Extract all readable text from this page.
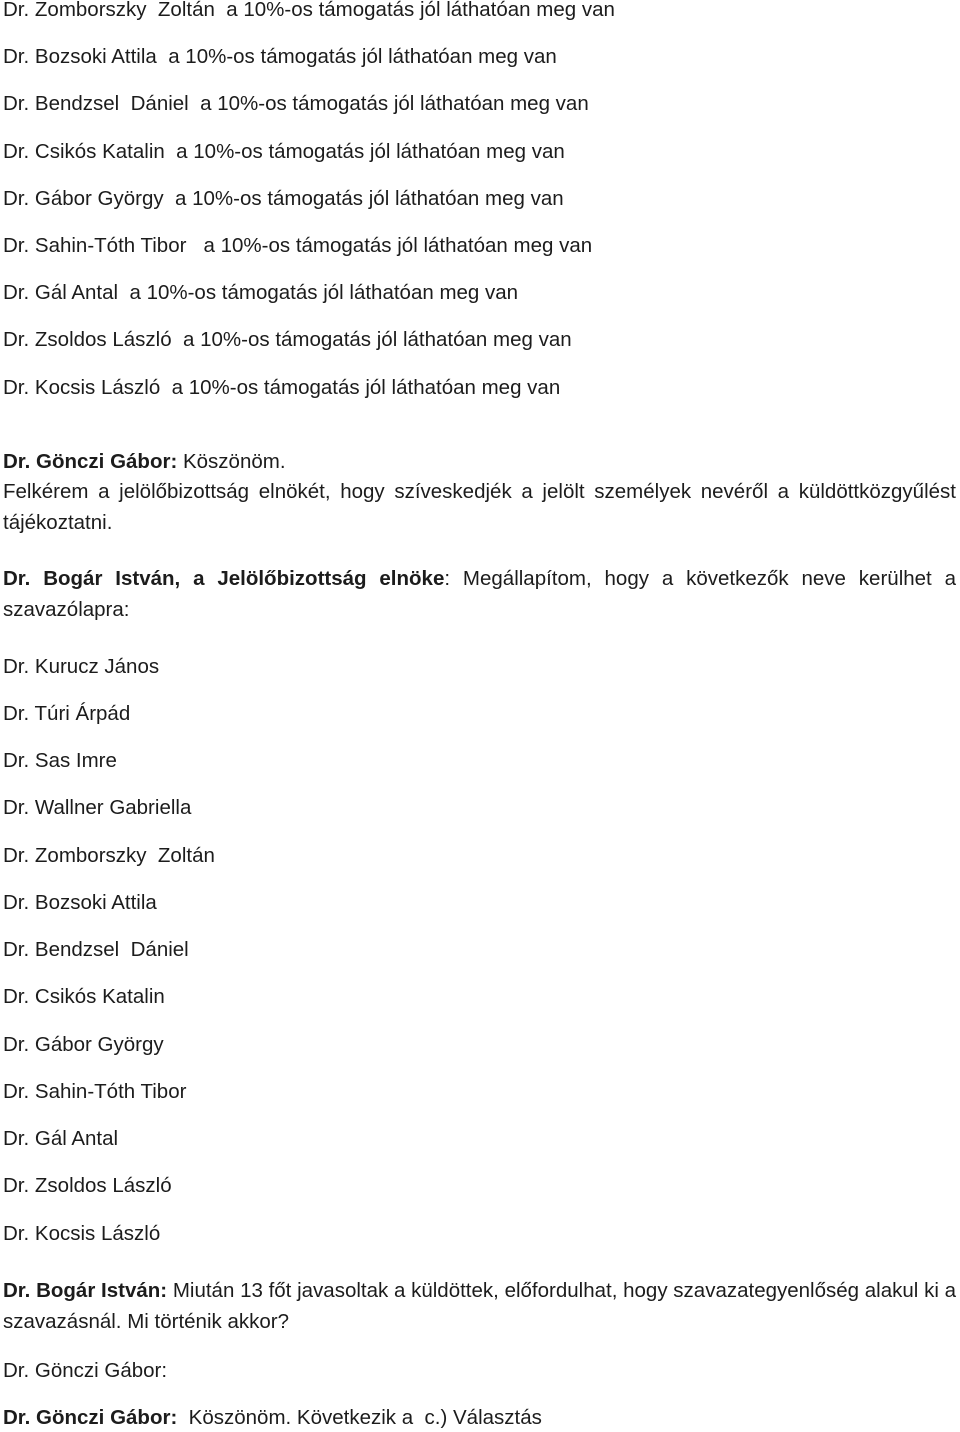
Dr. Zomborszky  Zoltán  a 10%-os támogatás jól láthatóan meg van

Dr. Bozsoki Attila  a 10%-os támogatás jól láthatóan meg van

Dr. Bendzsel  Dániel  a 10%-os támogatás jól láthatóan meg van

Dr. Csikós Katalin  a 10%-os támogatás jól láthatóan meg van

Dr. Gábor György  a 10%-os támogatás jól láthatóan meg van

Dr. Sahin-Tóth Tibor   a 10%-os támogatás jól láthatóan meg van

Dr. Gál Antal  a 10%-os támogatás jól láthatóan meg van

Dr. Zsoldos László  a 10%-os támogatás jól láthatóan meg van

Dr. Kocsis László  a 10%-os támogatás jól láthatóan meg van

Dr. Gönczi Gábor: Köszönöm.

Felkérem a jelölőbizottság elnökét, hogy szíveskedjék a jelölt személyek nevéről a küldöttközgyűlést tájékoztatni.

Dr. Bogár István, a Jelölőbizottság elnöke: Megállapítom, hogy a következők neve kerülhet a szavazólapra:

Dr. Kurucz János

Dr. Túri Árpád

Dr. Sas Imre

Dr. Wallner Gabriella

Dr. Zomborszky  Zoltán

Dr. Bozsoki Attila

Dr. Bendzsel  Dániel

Dr. Csikós Katalin

Dr. Gábor György

Dr. Sahin-Tóth Tibor

Dr. Gál Antal

Dr. Zsoldos László

Dr. Kocsis László

Dr. Bogár István: Miután 13 főt javasoltak a küldöttek, előfordulhat, hogy szavazategyenlőség alakul ki a szavazásnál. Mi történik akkor?

Dr. Gönczi Gábor:

Dr. Gönczi Gábor:  Köszönöm. Következik a  c.) Választás
